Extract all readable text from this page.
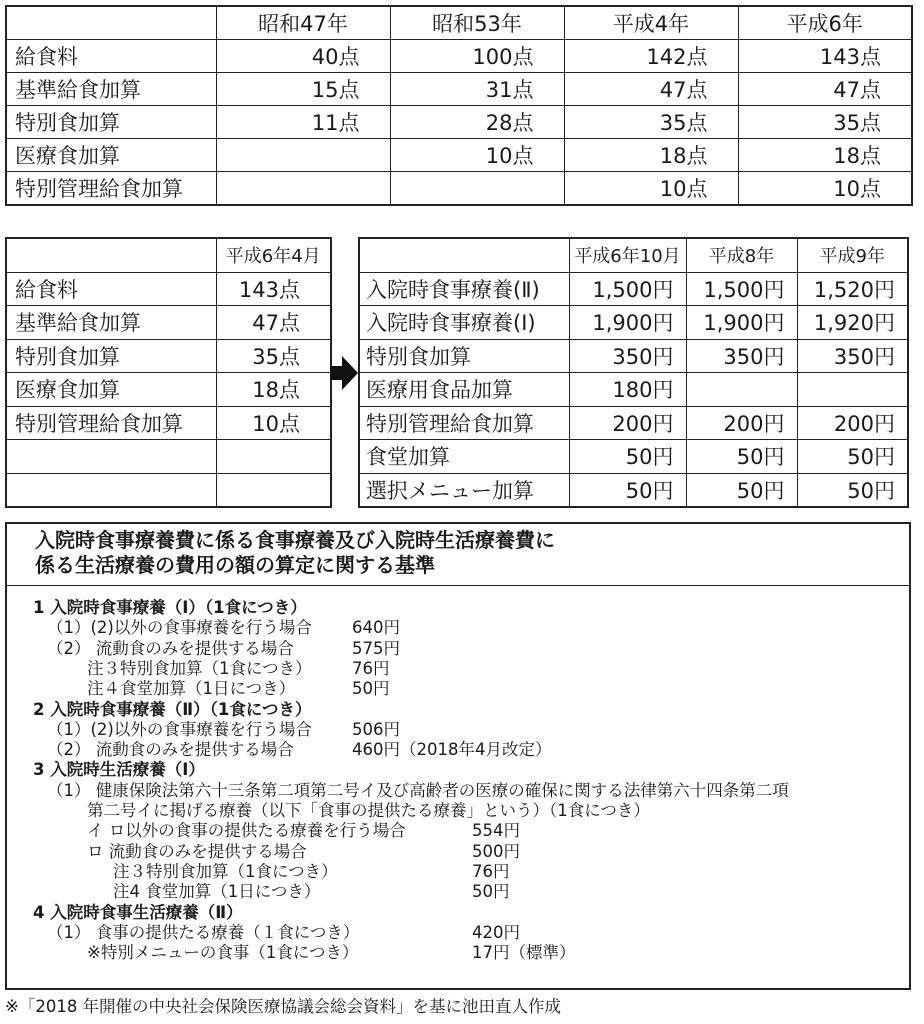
	昭和47年	昭和53年	平成4年	平成6年
給食料	40点	100点	142点	143点
基準給食加算	15点	31点	47点	47点
特別食加算	11点	28点	35点	35点
医療食加算		10点	18点	18点
特別管理給食加算			10点	10点
	平成6年4月
給食料	143点
基準給食加算	47点
特別食加算	35点
医療食加算	18点
特別管理給食加算	10点

	平成6年10月	平成8年	平成9年
入院時食事療養(Ⅱ)	1,500円	1,500円	1,520円
入院時食事療養(Ⅰ)	1,900円	1,900円	1,920円
特別食加算	350円	350円	350円
医療用食品加算	180円		
特別管理給食加算	200円	200円	200円
食堂加算	50円	50円	50円
選択メニュー加算	50円	50円	50円
入院時食事療養費に係る食事療養及び入院時生活療養費に
係る生活療養の費用の額の算定に関する基準
1 入院時食事療養（Ⅰ）（1食につき）
（1）(2)以外の食事療養を行う場合 640円
（2） 流動食のみを提供する場合	575円
注３特別食加算（1食につき） 76円
注４食堂加算（1日につき）	50円
2 入院時食事療養（Ⅱ）（1食につき）
（1）(2)以外の食事療養を行う場合 506円
（2） 流動食のみを提供する場合	460円（2018年4月改定）
3 入院時生活療養（Ⅰ）
（1） 健康保険法第六十三条第二項第二号イ及び高齢者の医療の確保に関する法律第六十四条第二項
第二号イに掲げる療養（以下「食事の提供たる療養」という）（1食につき）
イ ロ以外の食事の提供たる療養を行う場合	554円
ロ 流動食のみを提供する場合	500円
注３特別食加算（1食につき）	76円
注4 食堂加算（1日につき）	50円
4 入院時食事生活療養（Ⅱ）
（1） 食事の提供たる療養（１食につき）	420円
※特別メニューの食事（1食につき）	17円（標準）
※「2018 年開催の中央社会保険医療協議会総会資料」を基に池田直人作成
